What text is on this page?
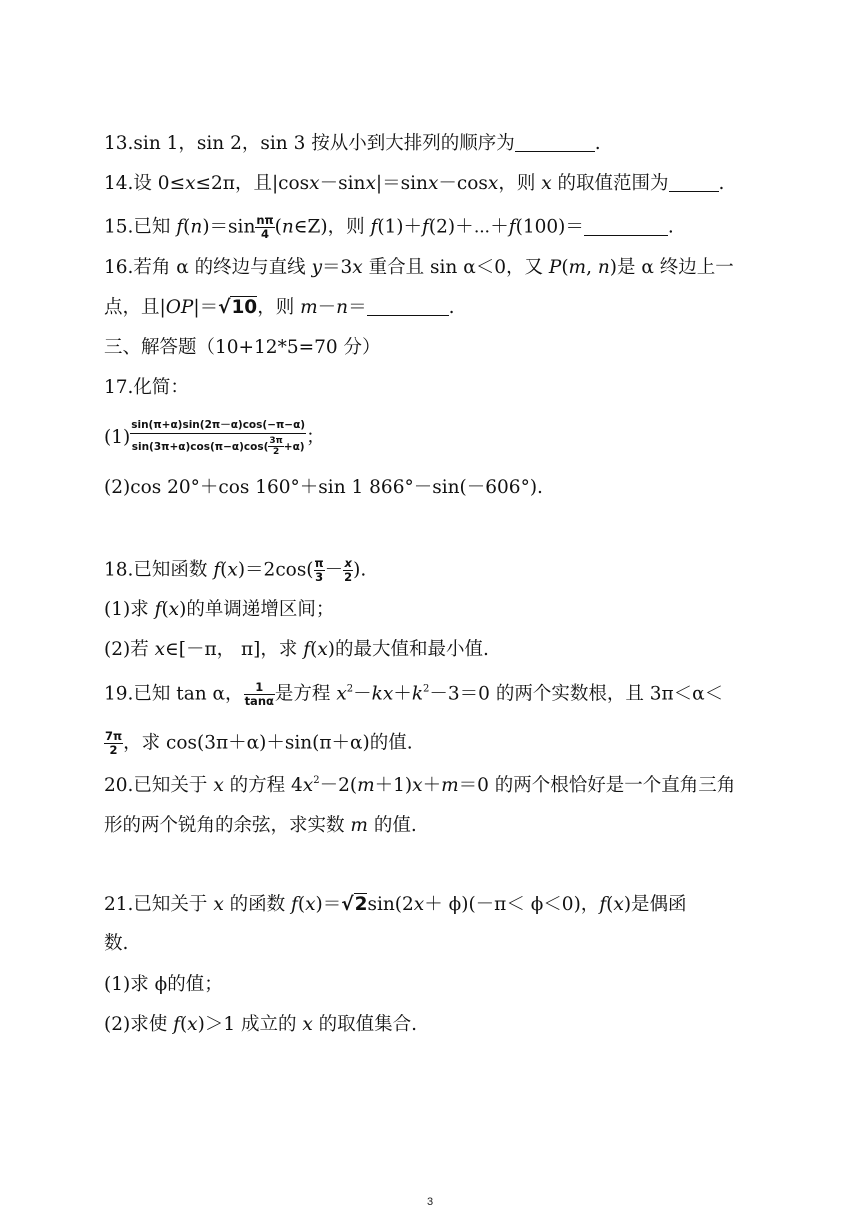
13.sin 1，sin 2，sin 3 按从小到大排列的顺序为	.
14.设 0≤x≤2π，且|cosx－sinx|＝sinx－cosx，则 x 的取值范围为	.
15.已知 $f(n)=\sin \frac{n\pi}{4}$ (n∈Z)，则 f(1)＋f(2)＋⋯＋f(100)＝	.
16.若角 α 的终边与直线 y＝3x 重合且 sin α＜0，又 P(m, n)是 α 终边上一
点，且|OP|＝√10，则 m－n＝	.
三、解答题（10+12*5=70 分）
17.化简：
$(1) \frac{\sin(\pi+\alpha)\sin(2\pi-\alpha)\cos(-\pi-\alpha)}{\sin(3\pi+\alpha)\cos(\pi-\alpha)\cos( \frac{3\pi}{2} +\alpha)}$ ；
(2)cos 20°＋cos 160°＋sin 1 866°－sin(－606°).
18.已知函数 $f(x)=2\cos( \frac{\pi}{3} - \frac{x}{2}$ ).
(1)求 f(x)的单调递增区间；
(2)若 x∈[－π， π]，求 f(x)的最大值和最小值.
19.已知 tan α， $\frac{1}{\tan\alpha}$ 是方程 $x^2-kx+k^2-3=0$ 的两个实数根，且 3π＜α＜
$\frac{7\pi}{2}$ ，求 cos(3π＋α)＋sin(π＋α)的值.
20.已知关于 x 的方程 $4x^2-2(m+1)x+m=0$ 的两个根恰好是一个直角三角
形的两个锐角的余弦，求实数 m 的值.
21.已知关于 x 的函数 f(x)＝√2sin(2x＋ ϕ)(－π＜ ϕ＜0)，f(x)是偶函
数.
(1)求 ϕ的值；
(2)求使 f(x)＞1 成立的 x 的取值集合.
3
